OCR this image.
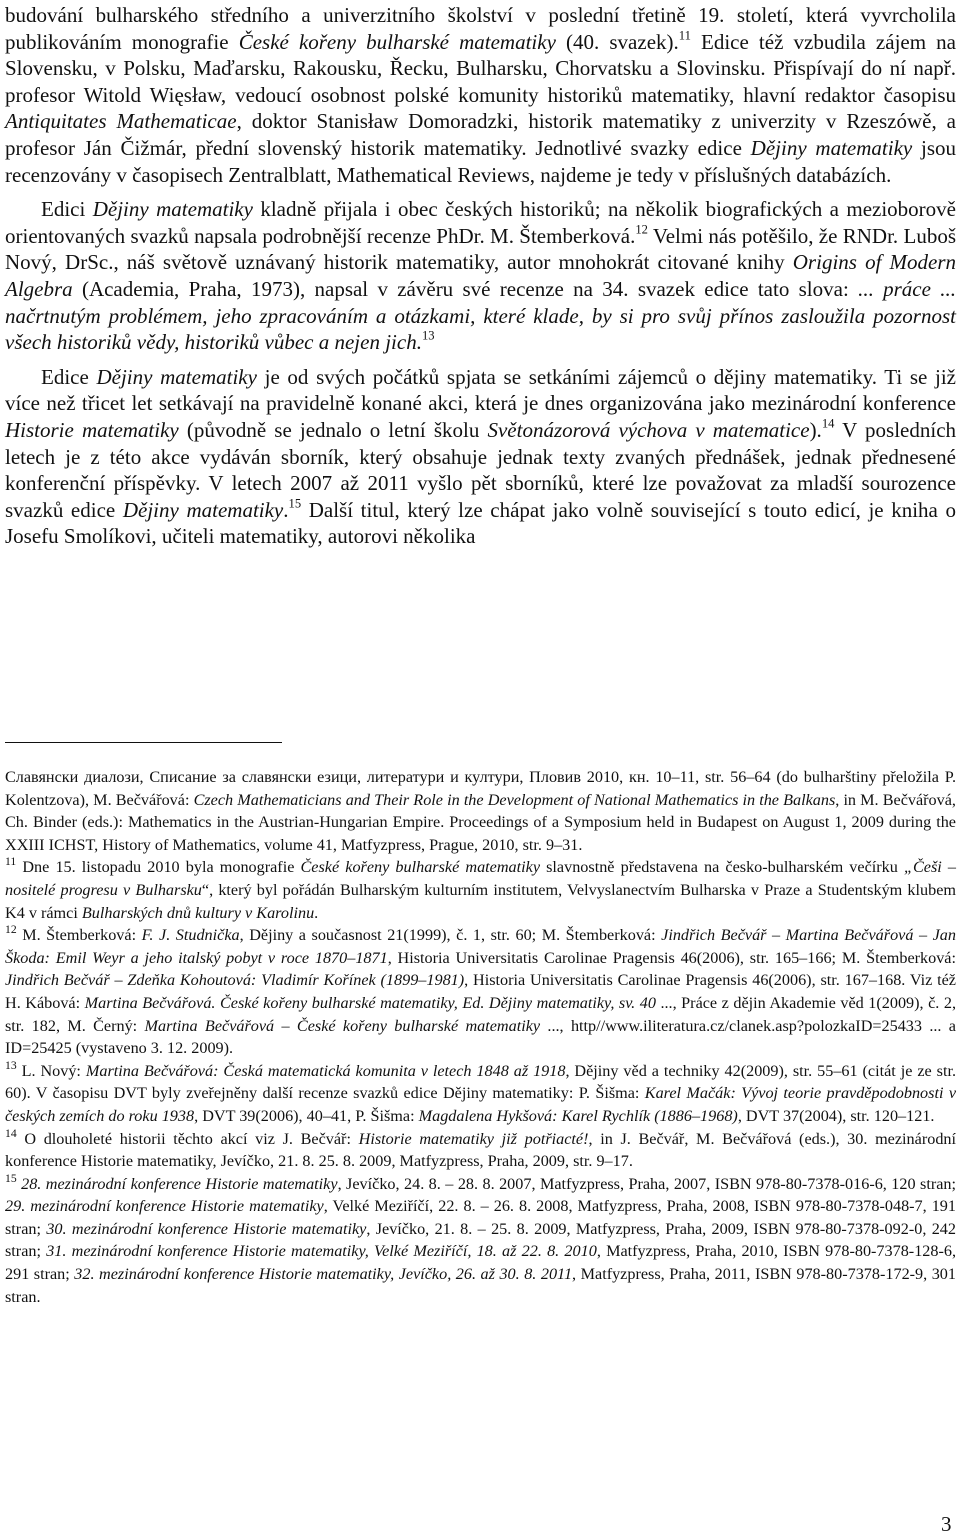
budování bulharského středního a univerzitního školství v poslední třetině 19. století, která vyvrcholila publikováním monografie České kořeny bulharské matematiky (40. svazek).$^{11}$ Edice též vzbudila zájem na Slovensku, v Polsku, Maďarsku, Rakousku, Řecku, Bulharsku, Chorvatsku a Slovinsku. Přispívají do ní např. profesor Witold Więsław, vedoucí osobnost polské komunity historiků matematiky, hlavní redaktor časopisu Antiquitates Mathematicae, doktor Stanisław Domoradzki, historik matematiky z univerzity v Rzeszówě, a profesor Ján Čižmár, přední slovenský historik matematiky. Jednotlivé svazky edice Dějiny matematiky jsou recenzovány v časopisech Zentralblatt, Mathematical Reviews, najdeme je tedy v příslušných databázích.

Edici Dějiny matematiky kladně přijala i obec českých historiků; na několik biografických a mezioborově orientovaných svazků napsala podrobnější recenze PhDr. M. Štemberková.$^{12}$ Velmi nás potěšilo, že RNDr. Luboš Nový, DrSc., náš světově uznávaný historik matematiky, autor mnohokrát citované knihy Origins of Modern Algebra (Academia, Praha, 1973), napsal v závěru své recenze na 34. svazek edice tato slova: ... práce ... načrtnutým problémem, jeho zpracováním a otázkami, které klade, by si pro svůj přínos zasloužila pozornost všech historiků vědy, historiků vůbec a nejen jich.$^{13}$

Edice Dějiny matematiky je od svých počátků spjata se setkáními zájemců o dějiny matematiky. Ti se již více než třicet let setkávají na pravidelně konané akci, která je dnes organizována jako mezinárodní konference Historie matematiky (původně se jednalo o letní školu Světonázorová výchova v matematice).$^{14}$ V posledních letech je z této akce vydáván sborník, který obsahuje jednak texty zvaných přednášek, jednak přednesené konferenční příspěvky. V letech 2007 až 2011 vyšlo pět sborníků, které lze považovat za mladší sourozence svazků edice Dějiny matematiky.$^{15}$ Další titul, který lze chápat jako volně související s touto edicí, je kniha o Josefu Smolíkovi, učiteli matematiky, autorovi několika

Славянски диалози, Списание за славянски езици, литератури и култури, Пловив 2010, кн. 10–11, str. 56–64 (do bulharštiny přeložila P. Kolentzova), M. Bečvářová: Czech Mathematicians and Their Role in the Development of National Mathematics in the Balkans, in M. Bečvářová, Ch. Binder (eds.): Mathematics in the Austrian-Hungarian Empire. Proceedings of a Symposium held in Budapest on August 1, 2009 during the XXIII ICHST, History of Mathematics, volume 41, Matfyzpress, Prague, 2010, str. 9–31.

$^{11}$ Dne 15. listopadu 2010 byla monografie České kořeny bulharské matematiky slavnostně představena na česko-bulharském večírku „Češi – nositelé progresu v Bulharsku“, který byl pořádán Bulharským kulturním institutem, Velvyslanectvím Bulharska v Praze a Studentským klubem K4 v rámci Bulharských dnů kultury v Karolinu.

$^{12}$ M. Štemberková: F. J. Studnička, Dějiny a současnost 21(1999), č. 1, str. 60; M. Štemberková: Jindřich Bečvář – Martina Bečvářová – Jan Škoda: Emil Weyr a jeho italský pobyt v roce 1870–1871, Historia Universitatis Carolinae Pragensis 46(2006), str. 165–166; M. Štemberková: Jindřich Bečvář – Zdeňka Kohoutová: Vladimír Kořínek (1899–1981), Historia Universitatis Carolinae Pragensis 46(2006), str. 167–168. Viz též H. Kábová: Martina Bečvářová. České kořeny bulharské matematiky, Ed. Dějiny matematiky, sv. 40 ..., Práce z dějin Akademie věd 1(2009), č. 2, str. 182, M. Černý: Martina Bečvářová – České kořeny bulharské matematiky ..., http//www.iliteratura.cz/clanek.asp?polozkaID=25433 ... a ID=25425 (vystaveno 3. 12. 2009).

$^{13}$ L. Nový: Martina Bečvářová: Česká matematická komunita v letech 1848 až 1918, Dějiny věd a techniky 42(2009), str. 55–61 (citát je ze str. 60). V časopisu DVT byly zveřejněny další recenze svazků edice Dějiny matematiky: P. Šišma: Karel Mačák: Vývoj teorie pravděpodobnosti v českých zemích do roku 1938, DVT 39(2006), 40–41, P. Šišma: Magdalena Hykšová: Karel Rychlík (1886–1968), DVT 37(2004), str. 120–121.

$^{14}$ O dlouholeté historii těchto akcí viz J. Bečvář: Historie matematiky již potřiacté!, in J. Bečvář, M. Bečvářová (eds.), 30. mezinárodní konference Historie matematiky, Jevíčko, 21. 8. 25. 8. 2009, Matfyzpress, Praha, 2009, str. 9–17.

$^{15}$ 28. mezinárodní konference Historie matematiky, Jevíčko, 24. 8. – 28. 8. 2007, Matfyzpress, Praha, 2007, ISBN 978-80-7378-016-6, 120 stran; 29. mezinárodní konference Historie matematiky, Velké Meziříčí, 22. 8. – 26. 8. 2008, Matfyzpress, Praha, 2008, ISBN 978-80-7378-048-7, 191 stran; 30. mezinárodní konference Historie matematiky, Jevíčko, 21. 8. – 25. 8. 2009, Matfyzpress, Praha, 2009, ISBN 978-80-7378-092-0, 242 stran; 31. mezinárodní konference Historie matematiky, Velké Meziříčí, 18. až 22. 8. 2010, Matfyzpress, Praha, 2010, ISBN 978-80-7378-128-6, 291 stran; 32. mezinárodní konference Historie matematiky, Jevíčko, 26. až 30. 8. 2011, Matfyzpress, Praha, 2011, ISBN 978-80-7378-172-9, 301 stran.

3
